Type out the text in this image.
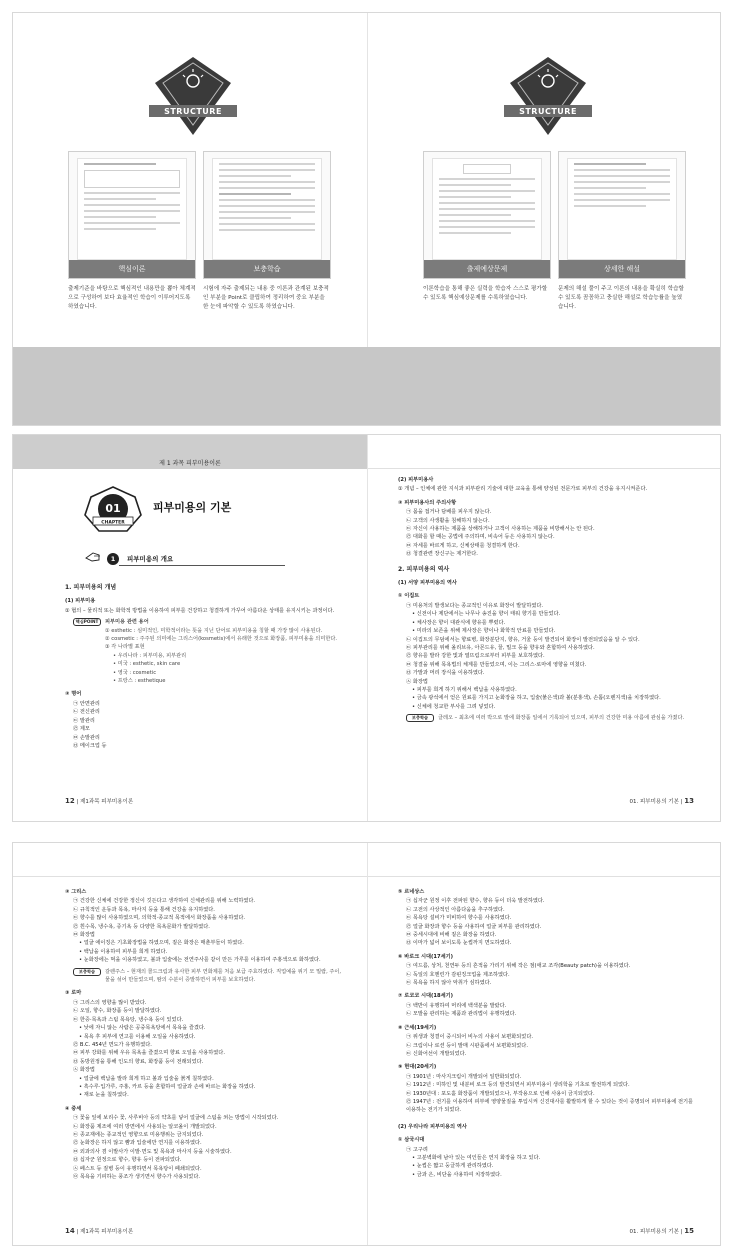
STRUCTURE
핵심이론
출제기준을 바탕으로 핵심적인 내용만을 뽑아 체계적으로 구성하여 보다 효율적인 학습이 이루어지도록 하였습니다.
보충학습
시험에 자주 출제되는 내용 중 이론과 관계된 보충적인 부분을 Point로 클립하여 정리하여 중요 부분을 한 눈에 파악할 수 있도록 하였습니다.
STRUCTURE
출제예상문제
이론학습을 통해 좋은 실력을 학습자 스스로 평가할 수 있도록 핵심예상문제를 수록하였습니다.
상세한 해설
문제의 해설 풀이 주고 이론의 내용을 확실히 학습할 수 있도록 꼼꼼하고 충실한 해설로 학습능률을 높였습니다.
제 1 과목 피부미용이론
01
CHAPTER
피부미용의 기본
1	피부미용의 개요
1. 피부미용의 개념
(1) 피부미용
① 협의 – 물리적 또는 화학적 방법을 이용하여 피부를 건강하고 청결하게 가꾸어 아름다운 상태를 유지시키는 과정이다.
핵심POINT	피부미용 관련 용어
① esthetic : 심미적인, 미학적이라는 뜻을 지닌 단어로 피부미용을 칭할 때 가장 많이 사용된다.
② cosmetic : 주주된 의미에는 그리스어(kosmetis)에서 유래한 것으로 화장품, 피부미용을 의미한다.
③ 각 나라별 표현
• 우리나라 : 피부미용, 피부관리
• 미국 : esthetic, skin care
• 영국 : cosmetic
• 프랑스 : esthetique
② 명어
㉠ 안면관리
㉡ 전신관리
㉢ 발관리
㉣ 제모
㉤ 손발관리
㉥ 메이크업 등
12 | 제1과목 피부미용이론
(2) 피부미용사
① 개념 – 인체에 관한 지식과 피부관리 기술에 대한 교육을 통해 양성된 전문가로 피부의 건강을 유지시켜준다.
② 피부미용사의 주의사항
㉠ 몸을 접거나 담배를 피우지 않는다.
㉡ 고객의 사생활을 침해하지 않는다.
㉢ 자신이 사용하는 제품을 상해하거나 고객이 사용하는 제품을 비방해서는 안 된다.
㉣ 대화를 할 때는 공법에 주의하며, 비속어 등은 사용하지 않는다.
㉤ 자세를 바르게 하고, 신체상태를 청결하게 한다.
㉥ 청결관련 장신구는 제거한다.
2. 피부미용의 역사
(1) 서양 피부미용의 역사
① 이집트
㉠ 미용처의 발생보다는 종교적인 이유로 화장이 발달하였다.
• 신전이나 제단에서는 나무나 송진을 향이 태워 향기를 만들었다.
• 체사장은 향이 대관식에 향유를 뿌렸다.
• 미라의 보존을 위해 제사장은 향이나 화학적 안료를 만들었다.
㉡ 이집트의 무덤에서는 향료병, 화장분단지, 향유, 거울 등이 발견되어 화장이 발전되었음을 알 수 있다.
㉢ 피부관리를 위해 올리브유, 아몬드유, 꿀, 밀크 등을 향유와 혼합하여 사용하였다.
㉣ 향유를 발라 강한 빛과 열뜨림으로부터 피부를 보호하였다.
㉤ 청결을 위해 목욕법의 체계를 만들었으며, 이는 그리스·로마에 영향을 미쳤다.
㉥ 가발과 머리 장식을 이용하였다.
㉦ 화장법
• 피부를 희게 하기 위해서 백납을 사용하였다.
• 금속 광석에서 얻은 원료를 가지고 눈화장을 하고, 입술(붉은색)과 볼(분홍색), 손톱(오렌지색)을 치장하였다.
• 신체에 청교한 부사를 그려 넣었다.
보충학습	클레오 – 최초에 여러 박으로 발에 화장품 일에서 기록되어 있으며, 피부의 건강한 미용 아름에 관심을 가졌다.
01. 피부미용의 기본 | 13
② 그리스
㉠ 건강한 신체에 건강한 정신이 깃든다고 생각하여 신체관리를 위해 노력하였다.
㉡ 규칙적인 운동과 목욕, 마사지 등을 통해 건강을 유지하였다.
㉢ 향수를 많이 사용하였으며, 의학적·종교적 목적에서 화장품을 사용하였다.
㉣ 흰수목, 냉수욕, 증기욕 등 다양한 목욕문화가 발달하였다.
㉤ 화장법
• 얼굴 에이징은 기초화장법을 하였으며, 짙은 화장은 매춘부들이 하였다.
• 백납을 이용하여 피부를 희게 하였다.
• 눈화장에는 먹을 이용하였고, 볼과 입술에는 전연주사를 같이 만든 가루를 이용하여 주홍색으로 화하였다.
보충학습	갈렌주스 – 현재의 콜드크림과 유사한 피부 연화제를 처음 보급 주효하였다. 직업예을 위기 모 밀랍, 주이, 물을 섞어 만들었으며, 땀의 수분이 증발하면서 피부를 보호하였다.
③ 로마
㉠ 그리스의 영향을 많이 받았다.
㉡ 오일, 향수, 화장품 등이 발달하였다.
㉢ 한증·목욕과 스팀 목욕탕, 냉수욕 등이 있었다.
• 낮에 자니 않는 사람은 공중목욕탕에서 목욕을 즐겼다.
• 목욕 후 피부에 연고를 이용해 오일을 사용하였다.
㉣ B.C. 454년 면도가 유행하였다.
㉤ 피부 강화를 위해 우유 목욕을 즐겼으며 향료 오일을 사용하였다.
㉥ 동방원정을 통해 인도의 향료, 화장품 등이 전래되었다.
㉦ 화장법
• 얼굴에 백납을 발라 희게 하고 볼과 입술을 붉게 칠하였다.
• 흑수루·입가루, 주홍, 카르 등을 혼합하여 얼굴과 손에 바르는 화장을 하였다.
• 재로 눈을 칠하였다.
④ 중세
㉠ 꽃을 잎에 보리수 꽃, 사루비아 등의 약초를 넣어 얼굴에 스팀을 쐬는 방법이 시작되었다.
㉡ 화장품 제조에 여러 방면에서 사용되는 알코올이 개발되었다.
㉢ 종교재에는 종교적인 영향으로 미용행위는 금지되었다.
㉣ 눈화장은 하지 않고 뺨과 입술에만 연지를 이용하였다.
㉤ 외과의사 겸 이발사가 이발·면도 및 목욕과 마사지 등을 시술하였다.
㉥ 십자군 원정으로 향수, 향유 등이 전파되었다.
㉦ 페스트 등 질병 등이 유행하면서 목욕탕이 폐쇄되었다.
㉧ 목욕을 기피하는 풍조가 생기면서 향수가 사용되었다.
14 | 제1과목 피부미용이론
⑤ 르네상스
㉠ 십자군 원정 이후 전파된 향수, 향유 등이 더욱 발전하였다.
㉡ 고전의 사상적인 아름다움을 추구하였다.
㉢ 목욕탕 설비가 미비하여 향수를 사용하였다.
㉣ 얼굴 화장과 향수 등을 사용하여 얼굴 피부를 관리하였다.
㉤ 중세시대에 비해 짙은 화장을 하였다.
㉥ 이마가 넓어 보이도록 눈썹까지 면도하였다.
⑥ 바로크 시대(17세기)
㉠ 여드름, 상처, 천연두 등의 흔적을 가리기 위해 작은 점(애교 조각(Beauty patch)을 이용하였다.
㉡ 독일의 호헨린가 감핀징크업을 제조하였다.
㉢ 목욕을 하지 않아 악취가 심하였다.
⑦ 로코코 시대(18세기)
㉠ 백반이 유행하여 머리에 백색분을 발랐다.
㉡ 모발을 관리하는 제품과 관리법이 유행하였다.
⑧ 근세(19세기)
㉠ 위생과 청결이 중시되어 비누의 사용이 보편화되었다.
㉡ 크림이나 로션 등이 발매 시판품에서 보편화되었다.
㉢ 신화어선이 개발되었다.
⑨ 현대(20세기)
㉠ 1901년 : 마사지크림이 개발되어 일반화되었다.
㉡ 1912년 : 미하인 및 내분비 로크 등의 발견되면서 피부미용이 생리학을 기초로 발전하게 되었다.
㉢ 1930년대 : 포도홀 화장품이 개발되었으나, 부작용으로 인해 사용이 금지되었다.
㉣ 1947년 : 전기를 이용하여 피부에 영양물질을 투입시켜 신진대사를 활발하게 할 수 있다는 것이 증명되어 피부미용에 전기를 이용하는 전기가 되었다.
(2) 우리나라 피부미용의 역사
① 삼국시대
㉠ 고구려
• 고분벽화에 남아 있는 여인들은 연지 화장을 하고 있다.
• 눈썹은 짧고 둥글하게 관리하였다.
• 금과 은, 비단을 사용하여 치장하였다.
01. 피부미용의 기본 | 15
